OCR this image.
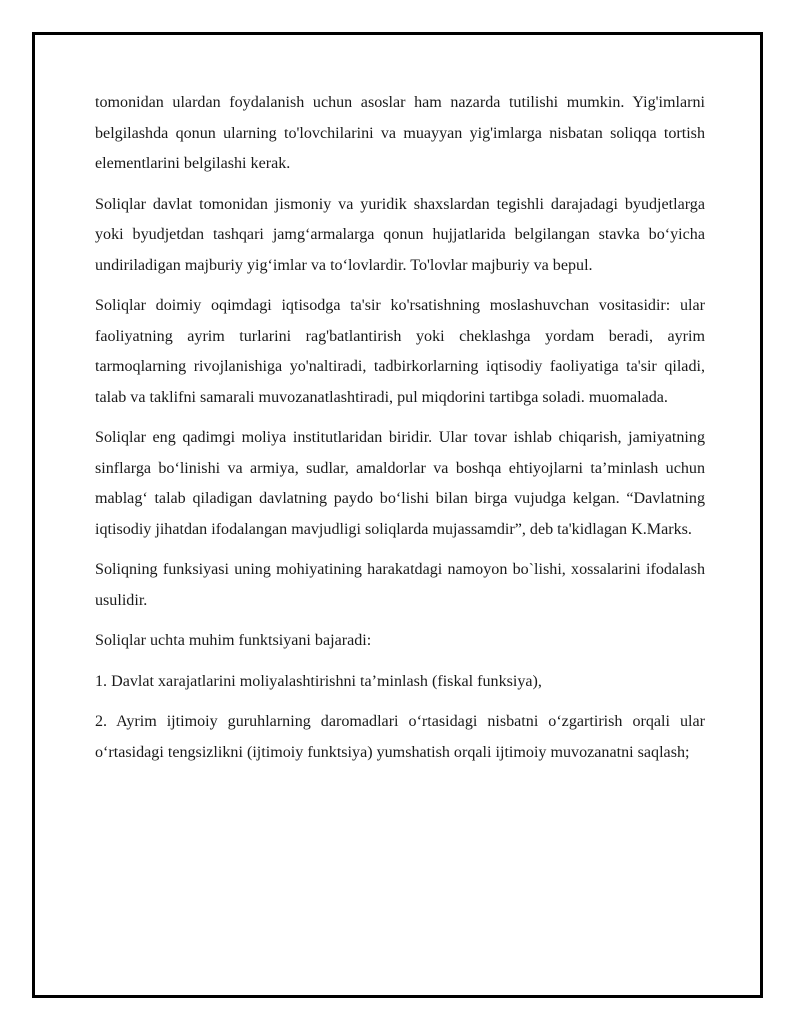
tomonidan ulardan foydalanish uchun asoslar ham nazarda tutilishi mumkin. Yig'imlarni belgilashda qonun ularning to'lovchilarini va muayyan yig'imlarga nisbatan soliqqa tortish elementlarini belgilashi kerak.

Soliqlar davlat tomonidan jismoniy va yuridik shaxslardan tegishli darajadagi byudjetlarga yoki byudjetdan tashqari jamg‘armalarga qonun hujjatlarida belgilangan stavka bo‘yicha undiriladigan majburiy yig‘imlar va to‘lovlardir. To'lovlar majburiy va bepul.

Soliqlar doimiy oqimdagi iqtisodga ta'sir ko'rsatishning moslashuvchan vositasidir: ular faoliyatning ayrim turlarini rag'batlantirish yoki cheklashga yordam beradi, ayrim tarmoqlarning rivojlanishiga yo'naltiradi, tadbirkorlarning iqtisodiy faoliyatiga ta'sir qiladi, talab va taklifni samarali muvozanatlashtiradi, pul miqdorini tartibga soladi. muomalada.

Soliqlar eng qadimgi moliya institutlaridan biridir. Ular tovar ishlab chiqarish, jamiyatning sinflarga bo‘linishi va armiya, sudlar, amaldorlar va boshqa ehtiyojlarni ta’minlash uchun mablag‘ talab qiladigan davlatning paydo bo‘lishi bilan birga vujudga kelgan. “Davlatning iqtisodiy jihatdan ifodalangan mavjudligi soliqlarda mujassamdir”, deb ta'kidlagan K.Marks.

Soliqning funksiyasi uning mohiyatining harakatdagi namoyon bo`lishi, xossalarini ifodalash usulidir.

Soliqlar uchta muhim funktsiyani bajaradi:

1. Davlat xarajatlarini moliyalashtirishni ta’minlash (fiskal funksiya),

2. Ayrim ijtimoiy guruhlarning daromadlari o‘rtasidagi nisbatni o‘zgartirish orqali ular o‘rtasidagi tengsizlikni (ijtimoiy funktsiya) yumshatish orqali ijtimoiy muvozanatni saqlash;
